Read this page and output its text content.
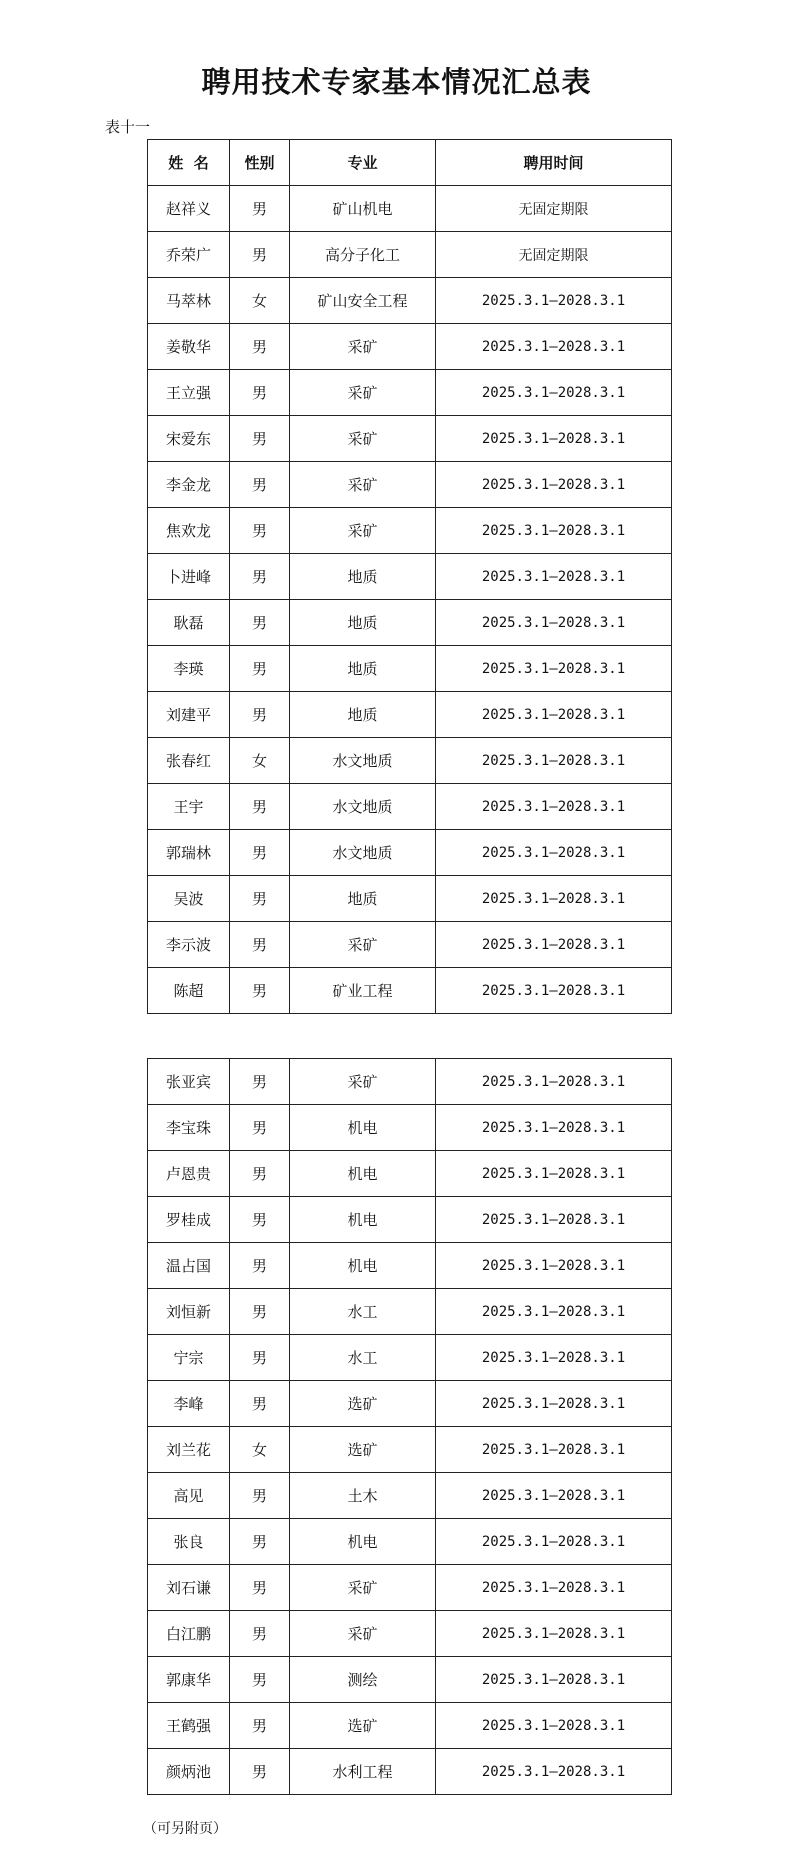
聘用技术专家基本情况汇总表
表十一
姓  名	性别	专业	聘用时间
赵祥义	男	矿山机电	无固定期限
乔荣广	男	高分子化工	无固定期限
马萃林	女	矿山安全工程	2025.3.1—2028.3.1
姜敬华	男	采矿	2025.3.1—2028.3.1
王立强	男	采矿	2025.3.1—2028.3.1
宋爱东	男	采矿	2025.3.1—2028.3.1
李金龙	男	采矿	2025.3.1—2028.3.1
焦欢龙	男	采矿	2025.3.1—2028.3.1
卜进峰	男	地质	2025.3.1—2028.3.1
耿磊	男	地质	2025.3.1—2028.3.1
李瑛	男	地质	2025.3.1—2028.3.1
刘建平	男	地质	2025.3.1—2028.3.1
张春红	女	水文地质	2025.3.1—2028.3.1
王宇	男	水文地质	2025.3.1—2028.3.1
郭瑞林	男	水文地质	2025.3.1—2028.3.1
吴波	男	地质	2025.3.1—2028.3.1
李示波	男	采矿	2025.3.1—2028.3.1
陈超	男	矿业工程	2025.3.1—2028.3.1
张亚宾	男	采矿	2025.3.1—2028.3.1
李宝珠	男	机电	2025.3.1—2028.3.1
卢恩贵	男	机电	2025.3.1—2028.3.1
罗桂成	男	机电	2025.3.1—2028.3.1
温占国	男	机电	2025.3.1—2028.3.1
刘恒新	男	水工	2025.3.1—2028.3.1
宁宗	男	水工	2025.3.1—2028.3.1
李峰	男	选矿	2025.3.1—2028.3.1
刘兰花	女	选矿	2025.3.1—2028.3.1
高见	男	土木	2025.3.1—2028.3.1
张良	男	机电	2025.3.1—2028.3.1
刘石谦	男	采矿	2025.3.1—2028.3.1
白江鹏	男	采矿	2025.3.1—2028.3.1
郭康华	男	测绘	2025.3.1—2028.3.1
王鹤强	男	选矿	2025.3.1—2028.3.1
颜炳池	男	水利工程	2025.3.1—2028.3.1
（可另附页）
